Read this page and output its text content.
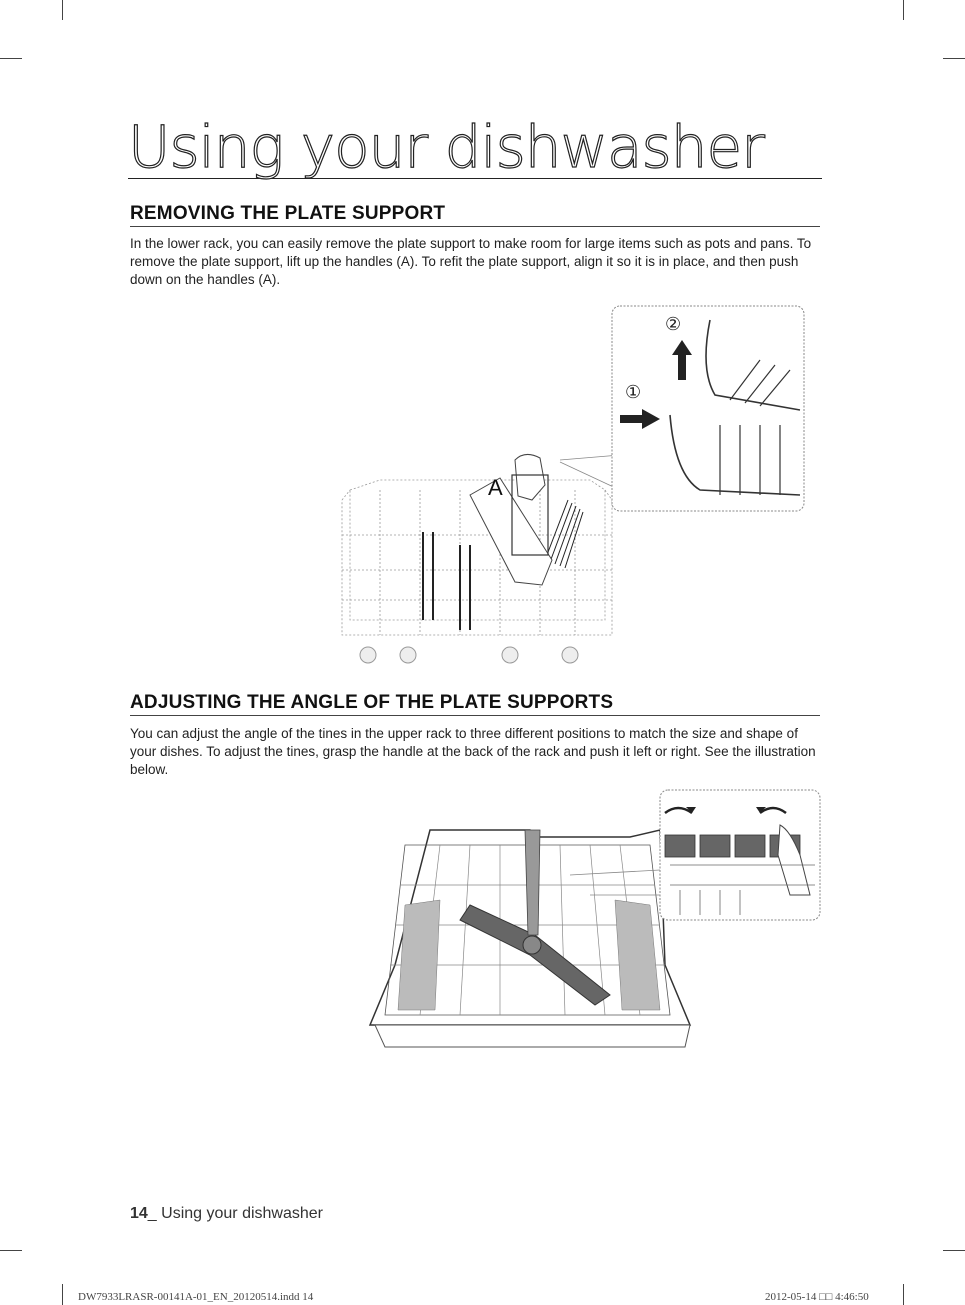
Using your dishwasher
REMOVING THE PLATE SUPPORT

In the lower rack, you can easily remove the plate support to make room for large items such as pots and pans. To remove the plate support, lift up the handles (A). To refit the plate support, align it so it is in place, and then push down on the handles (A).

②
①
A
ADJUSTING THE ANGLE OF THE PLATE SUPPORTS

You can adjust the angle of the tines in the upper rack to three different positions to match the size and shape of your dishes. To adjust the tines, grasp the handle at the back of the rack and push it left or right. See the illustration below.

14_ Using your dishwasher
DW7933LRASR-00141A-01_EN_20120514.indd 14	2012-05-14 □□ 4:46:50
